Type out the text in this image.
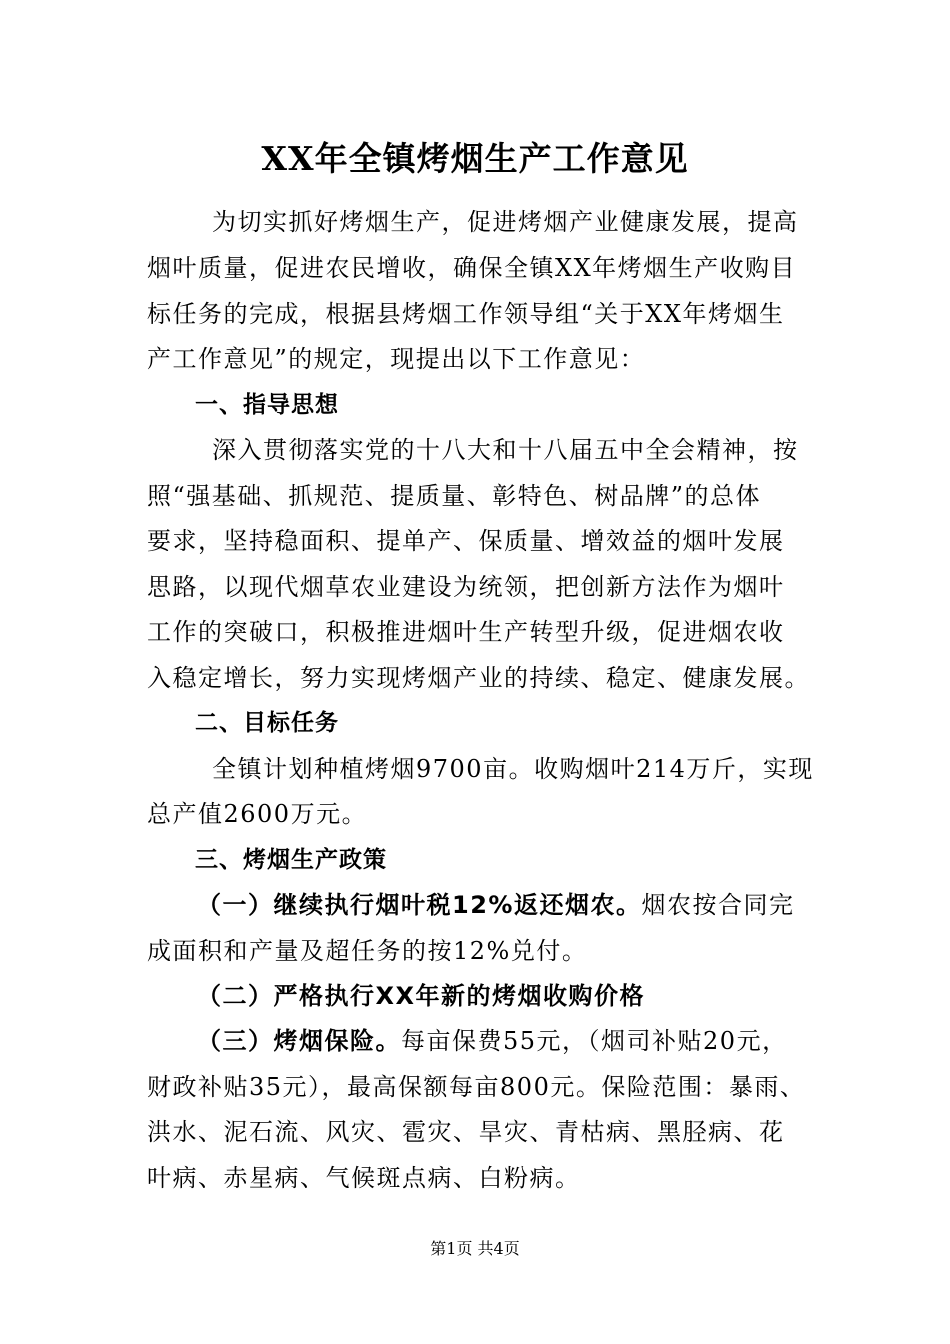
XX年全镇烤烟生产工作意见
为切实抓好烤烟生产，促进烤烟产业健康发展，提高
烟叶质量，促进农民增收，确保全镇XX年烤烟生产收购目
标任务的完成，根据县烤烟工作领导组“关于XX年烤烟生
产工作意见”的规定，现提出以下工作意见：
一、指导思想
深入贯彻落实党的十八大和十八届五中全会精神，按
照“强基础、抓规范、提质量、彰特色、树品牌”的总体
要求，坚持稳面积、提单产、保质量、增效益的烟叶发展
思路，以现代烟草农业建设为统领，把创新方法作为烟叶
工作的突破口，积极推进烟叶生产转型升级，促进烟农收
入稳定增长，努力实现烤烟产业的持续、稳定、健康发展。
二、目标任务
全镇计划种植烤烟9700亩。收购烟叶214万斤，实现
总产值2600万元。
三、烤烟生产政策
（一）继续执行烟叶税12%返还烟农。烟农按合同完
成面积和产量及超任务的按12%兑付。
（二）严格执行XX年新的烤烟收购价格
（三）烤烟保险。每亩保费55元，（烟司补贴20元，
财政补贴35元），最高保额每亩800元。保险范围：暴雨、
洪水、泥石流、风灾、雹灾、旱灾、青枯病、黑胫病、花
叶病、赤星病、气候斑点病、白粉病。
第1页 共4页
